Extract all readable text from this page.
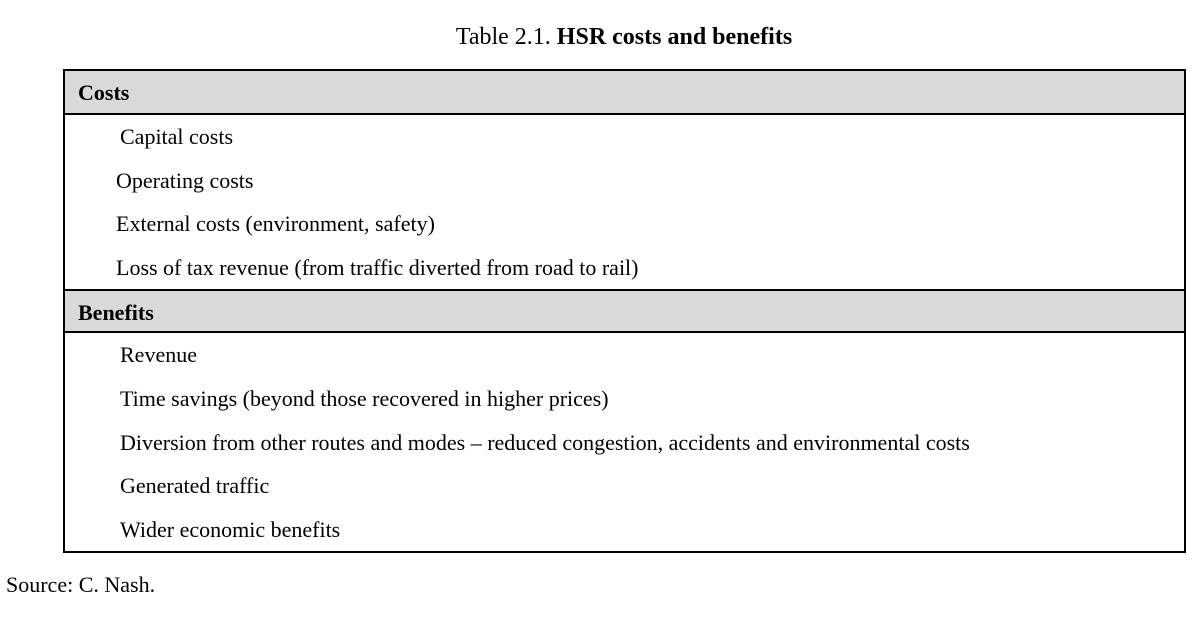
Table 2.1. HSR costs and benefits
Costs
Capital costs
Operating costs
External costs (environment, safety)
Loss of tax revenue (from traffic diverted from road to rail)
Benefits
Revenue
Time savings (beyond those recovered in higher prices)
Diversion from other routes and modes – reduced congestion, accidents and environmental costs
Generated traffic
Wider economic benefits
Source: C. Nash.
